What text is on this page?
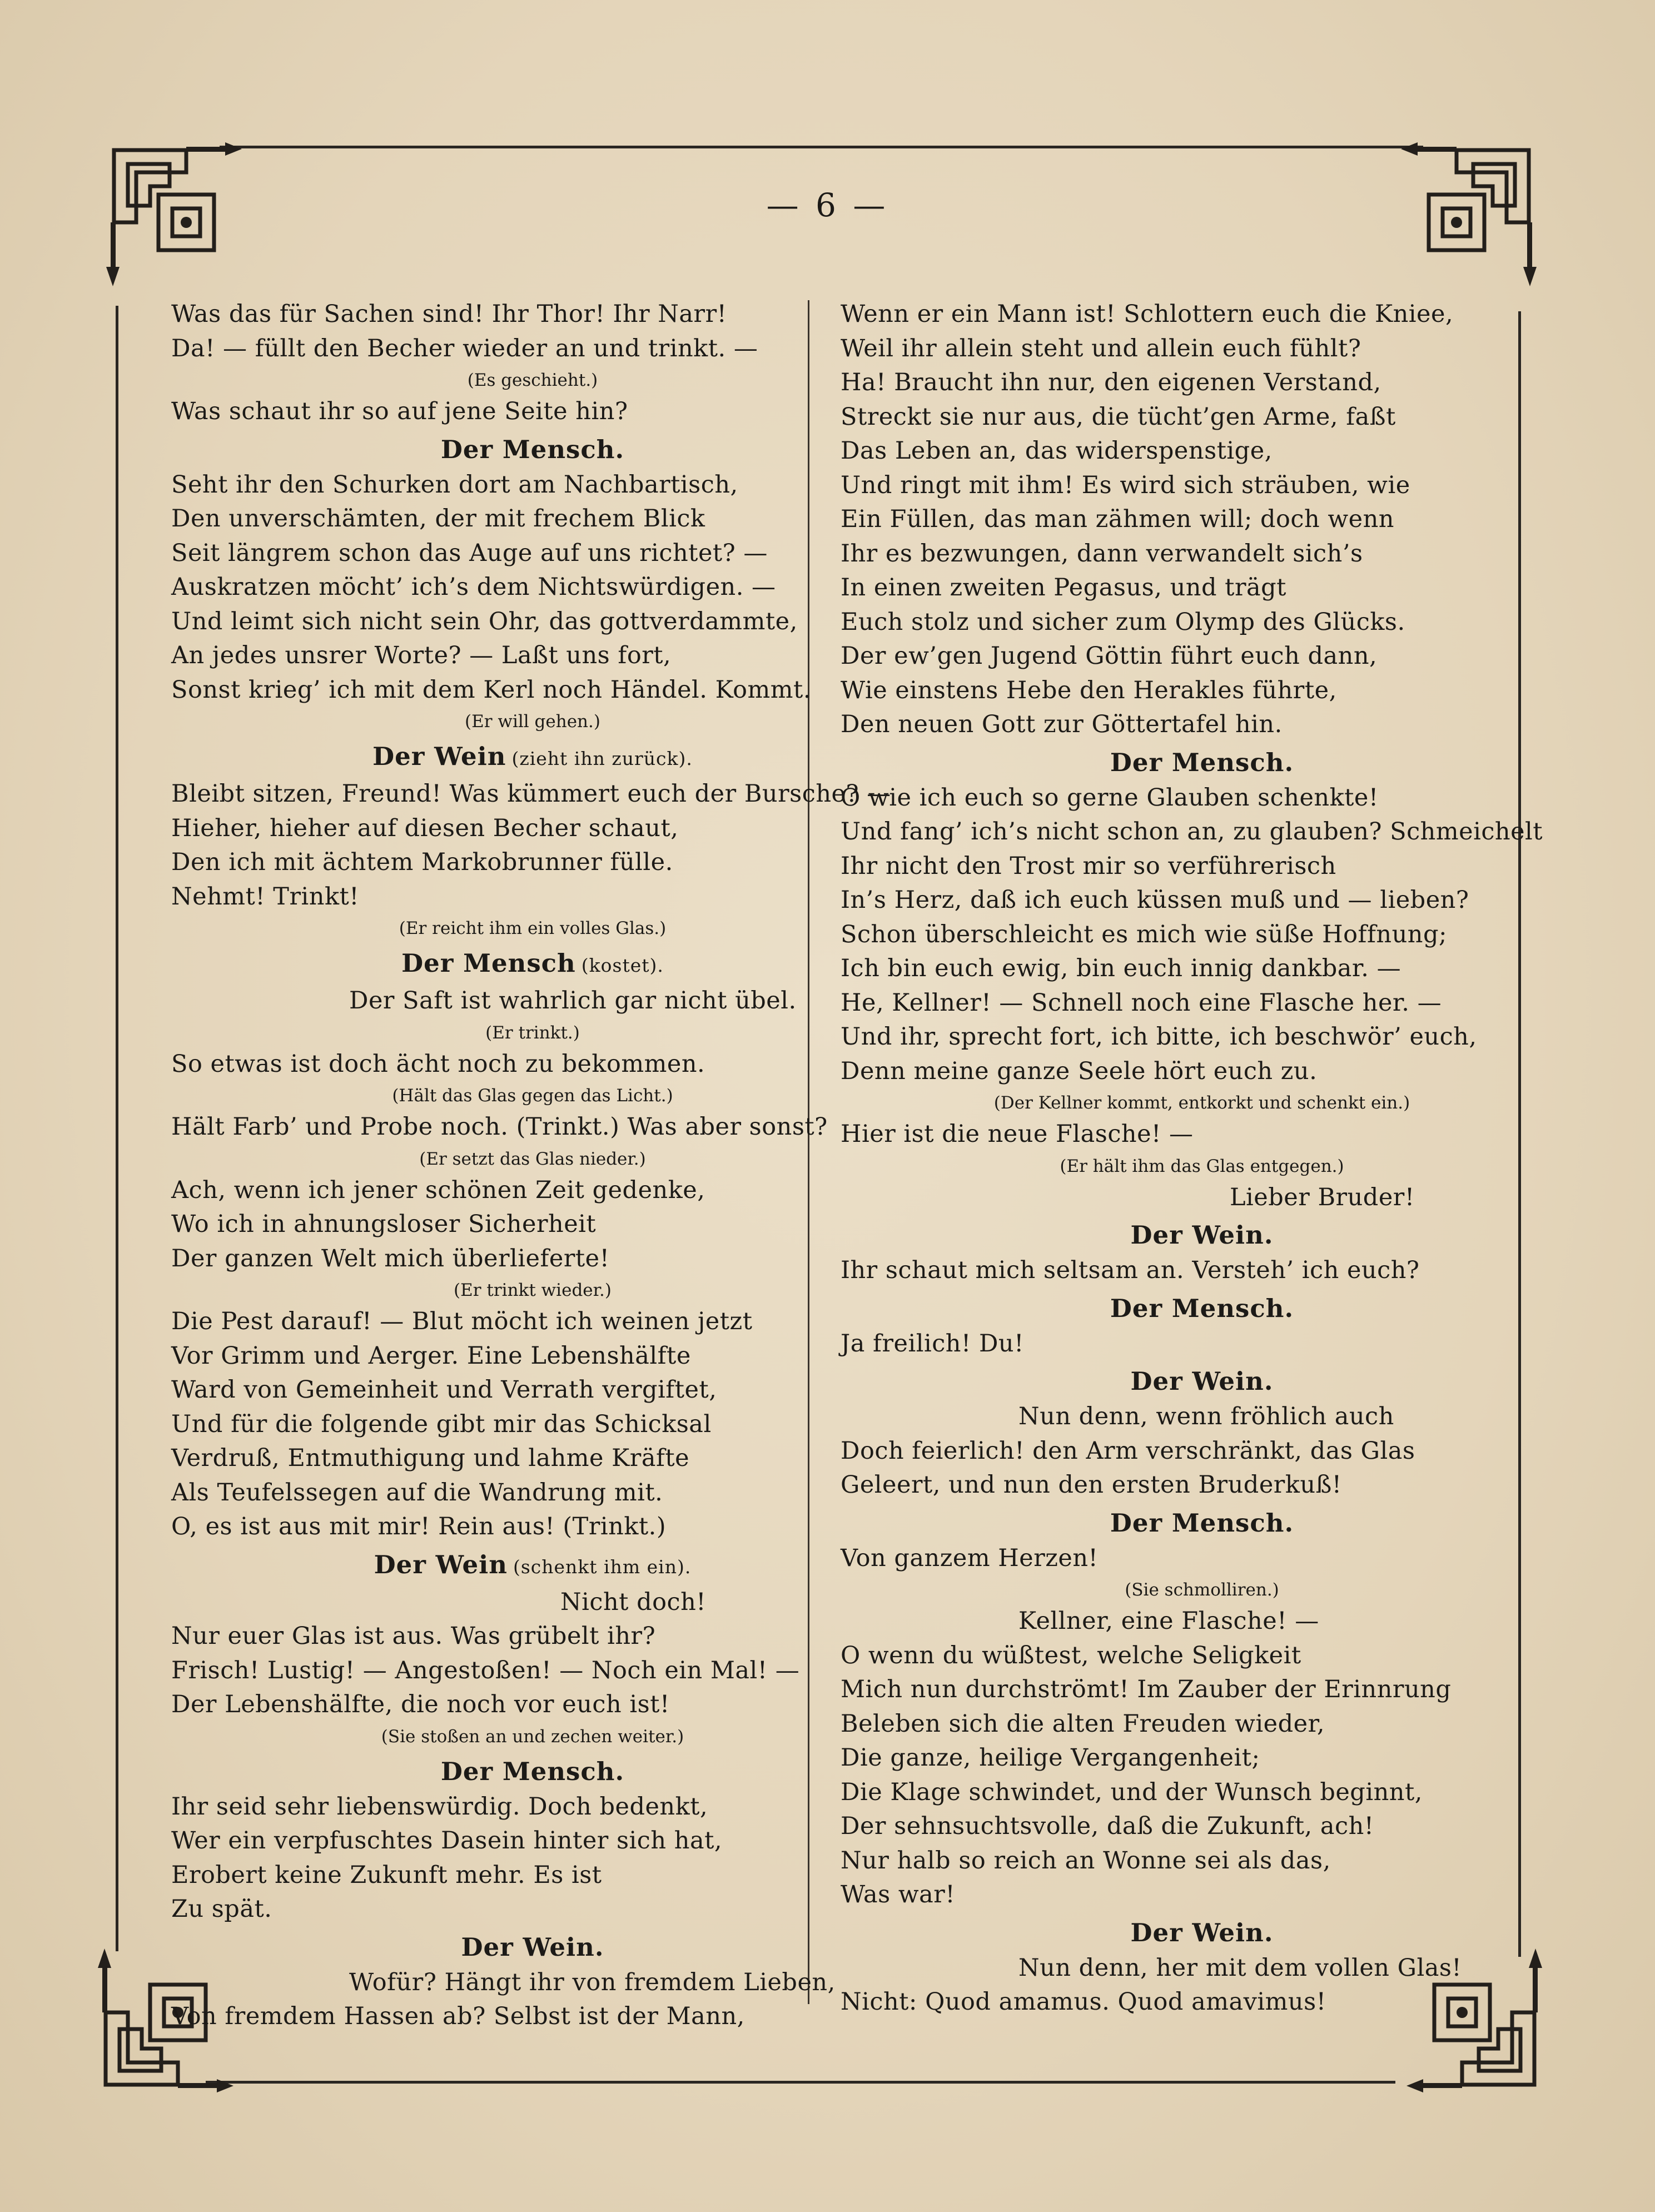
— 6 —
Was das für Sachen sind! Ihr Thor! Ihr Narr!
Da! — füllt den Becher wieder an und trinkt. —
(Es geschieht.)
Was schaut ihr so auf jene Seite hin?
Der Mensch.
Seht ihr den Schurken dort am Nachbartisch,
Den unverschämten, der mit frechem Blick
Seit längrem schon das Auge auf uns richtet? —
Auskratzen möcht’ ich’s dem Nichtswürdigen. —
Und leimt sich nicht sein Ohr, das gottverdammte,
An jedes unsrer Worte? — Laßt uns fort,
Sonst krieg’ ich mit dem Kerl noch Händel. Kommt.
(Er will gehen.)
Der Wein (zieht ihn zurück).
Bleibt sitzen, Freund! Was kümmert euch der Bursche? —
Hieher, hieher auf diesen Becher schaut,
Den ich mit ächtem Markobrunner fülle.
Nehmt! Trinkt!
(Er reicht ihm ein volles Glas.)
Der Mensch (kostet).
Der Saft ist wahrlich gar nicht übel.
(Er trinkt.)
So etwas ist doch ächt noch zu bekommen.
(Hält das Glas gegen das Licht.)
Hält Farb’ und Probe noch. (Trinkt.) Was aber sonst?
(Er setzt das Glas nieder.)
Ach, wenn ich jener schönen Zeit gedenke,
Wo ich in ahnungsloser Sicherheit
Der ganzen Welt mich überlieferte!
(Er trinkt wieder.)
Die Pest darauf! — Blut möcht ich weinen jetzt
Vor Grimm und Aerger. Eine Lebenshälfte
Ward von Gemeinheit und Verrath vergiftet,
Und für die folgende gibt mir das Schicksal
Verdruß, Entmuthigung und lahme Kräfte
Als Teufelssegen auf die Wandrung mit.
O, es ist aus mit mir! Rein aus! (Trinkt.)
Der Wein (schenkt ihm ein).
Nicht doch!
Nur euer Glas ist aus. Was grübelt ihr?
Frisch! Lustig! — Angestoßen! — Noch ein Mal! —
Der Lebenshälfte, die noch vor euch ist!
(Sie stoßen an und zechen weiter.)
Der Mensch.
Ihr seid sehr liebenswürdig. Doch bedenkt,
Wer ein verpfuschtes Dasein hinter sich hat,
Erobert keine Zukunft mehr. Es ist
Zu spät.
Der Wein.
Wofür? Hängt ihr von fremdem Lieben,
Von fremdem Hassen ab? Selbst ist der Mann,
Wenn er ein Mann ist! Schlottern euch die Kniee,
Weil ihr allein steht und allein euch fühlt?
Ha! Braucht ihn nur, den eigenen Verstand,
Streckt sie nur aus, die tücht’gen Arme, faßt
Das Leben an, das widerspenstige,
Und ringt mit ihm! Es wird sich sträuben, wie
Ein Füllen, das man zähmen will; doch wenn
Ihr es bezwungen, dann verwandelt sich’s
In einen zweiten Pegasus, und trägt
Euch stolz und sicher zum Olymp des Glücks.
Der ew’gen Jugend Göttin führt euch dann,
Wie einstens Hebe den Herakles führte,
Den neuen Gott zur Göttertafel hin.
Der Mensch.
O wie ich euch so gerne Glauben schenkte!
Und fang’ ich’s nicht schon an, zu glauben? Schmeichelt
Ihr nicht den Trost mir so verführerisch
In’s Herz, daß ich euch küssen muß und — lieben?
Schon überschleicht es mich wie süße Hoffnung;
Ich bin euch ewig, bin euch innig dankbar. —
He, Kellner! — Schnell noch eine Flasche her. —
Und ihr, sprecht fort, ich bitte, ich beschwör’ euch,
Denn meine ganze Seele hört euch zu.
(Der Kellner kommt, entkorkt und schenkt ein.)
Hier ist die neue Flasche! —
(Er hält ihm das Glas entgegen.)
Lieber Bruder!
Der Wein.
Ihr schaut mich seltsam an. Versteh’ ich euch?
Der Mensch.
Ja freilich! Du!
Der Wein.
Nun denn, wenn fröhlich auch
Doch feierlich! den Arm verschränkt, das Glas
Geleert, und nun den ersten Bruderkuß!
Der Mensch.
Von ganzem Herzen!
(Sie schmolliren.)
Kellner, eine Flasche! —
O wenn du wüßtest, welche Seligkeit
Mich nun durchströmt! Im Zauber der Erinnrung
Beleben sich die alten Freuden wieder,
Die ganze, heilige Vergangenheit;
Die Klage schwindet, und der Wunsch beginnt,
Der sehnsuchtsvolle, daß die Zukunft, ach!
Nur halb so reich an Wonne sei als das,
Was war!
Der Wein.
Nun denn, her mit dem vollen Glas!
Nicht: Quod amamus. Quod amavimus!
